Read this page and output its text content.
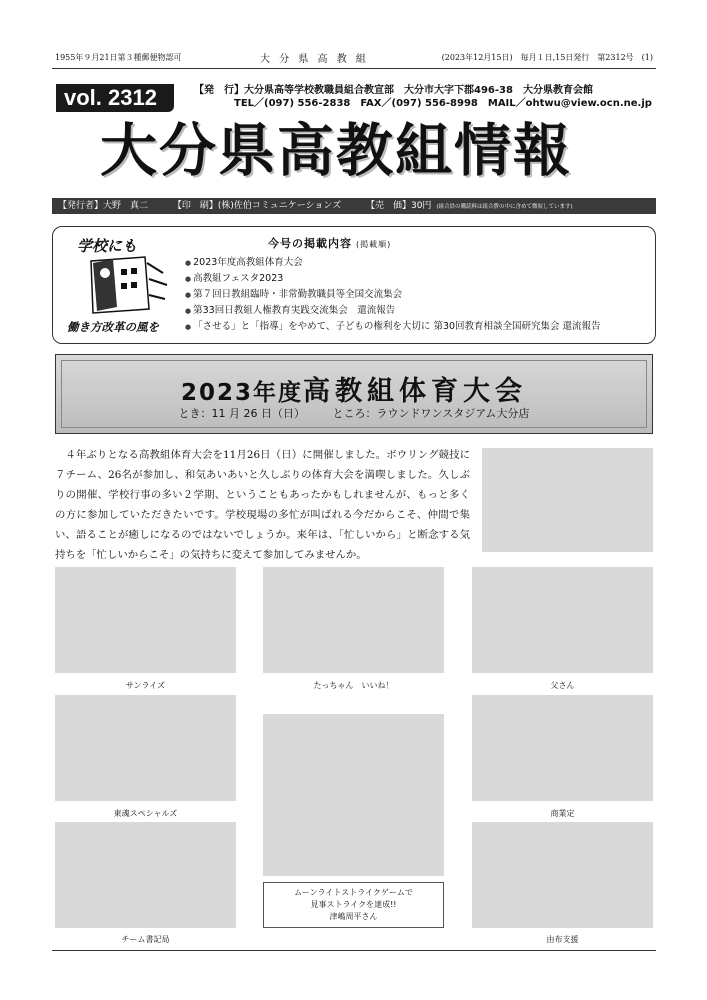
1955年９月21日第３種郵便物認可	大 分 県 高 教 組	(2023年12月15日)　毎月１日,15日発行　第2312号　(1)
vol. 2312	【発　行】大分県高等学校教職員組合教宣部　大分市大字下郡496-38　大分県教育会館
TEL／(097) 556-2838　FAX／(097) 556-8998　MAIL／ohtwu@view.ocn.ne.jp
大分県高教組情報
【発行者】大野　真二	【印　刷】(株)佐伯コミュニケーションズ	【売　価】30円 (組合員の購読料は組合費の中に含めて徴収しています)
学校にも
働き方改革の風を
今号の掲載内容 (掲載順)
● 2023年度高教組体育大会
● 高教組フェスタ2023
● 第７回日教組臨時・非常勤教職員等全国交流集会
● 第33回日教組人権教育実践交流集会　還流報告
● 「させる」と「指導」をやめて、子どもの権利を大切に 第30回教育相談全国研究集会 還流報告
2023年度高教組体育大会
とき：11 月 26 日（日）	ところ：ラウンドワンスタジアム大分店

４年ぶりとなる高教組体育大会を11月26日（日）に開催しました。ボウリング競技に７チーム、26名が参加し、和気あいあいと久しぶりの体育大会を満喫しました。久しぶりの開催、学校行事の多い２学期、ということもあったかもしれませんが、もっと多くの方に参加していただきたいです。学校現場の多忙が叫ばれる今だからこそ、仲間で集い、語ることが癒しになるのではないでしょうか。来年は、「忙しいから」と断念する気持ちを「忙しいからこそ」の気持ちに変えて参加してみませんか。

サンライズ	たっちゃん　いいね！	父さん
東魂スペシャルズ
ムーンライトストライクゲームで
見事ストライクを達成!!
津嶋周平さん
商業定
チーム書記局	由布支援
